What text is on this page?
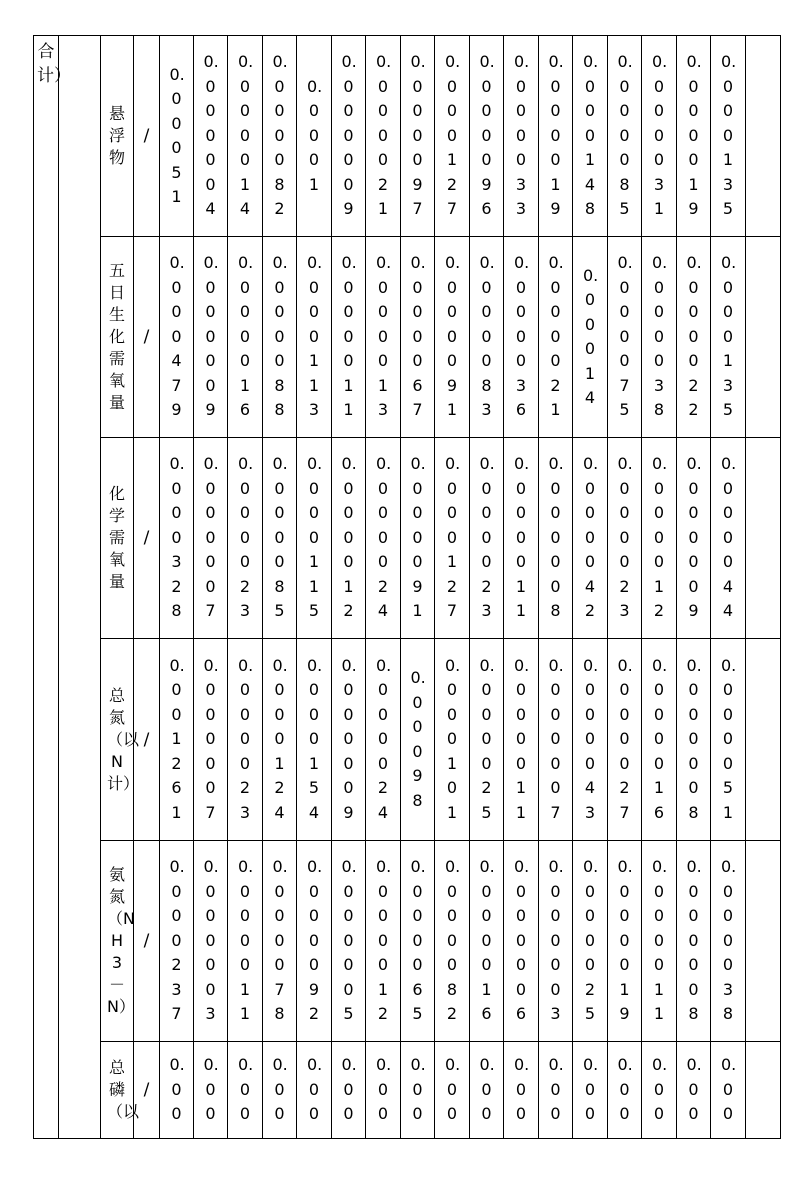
合计）		悬浮物	/	0.00051	0.000004	0.000014	0.000082	0.0001	0.000009	0.000021	0.000097	0.000127	0.000096	0.000033	0.000019	0.000148	0.000085	0.000031	0.000019	0.000135	

		五日生化需氧量	/	0.000479	0.000009	0.000016	0.000088	0.000113	0.000011	0.000013	0.000067	0.000091	0.000083	0.000036	0.000021	0.00014	0.000075	0.000038	0.000022	0.000135	

		化学需氧量	/	0.000328	0.000007	0.000023	0.000085	0.000115	0.000012	0.000024	0.000091	0.000127	0.000023	0.000011	0.000008	0.000042	0.000023	0.000012	0.000009	0.000044	

		总氮（以N计）	/	0.001261	0.000007	0.000023	0.000124	0.000154	0.000009	0.000024	0.00098	0.000101	0.000025	0.000011	0.000007	0.000043	0.000027	0.000016	0.000008	0.000051	

		氨氮（NH3－N）	/	0.000237	0.000003	0.000011	0.000078	0.000092	0.000005	0.000012	0.000065	0.000082	0.000016	0.000006	0.000003	0.000025	0.000019	0.000011	0.000008	0.000038	

		总磷（以	/	0.00	0.00	0.00	0.00	0.00	0.00	0.00	0.00	0.00	0.00	0.00	0.00	0.00	0.00	0.00	0.00	0.00	
